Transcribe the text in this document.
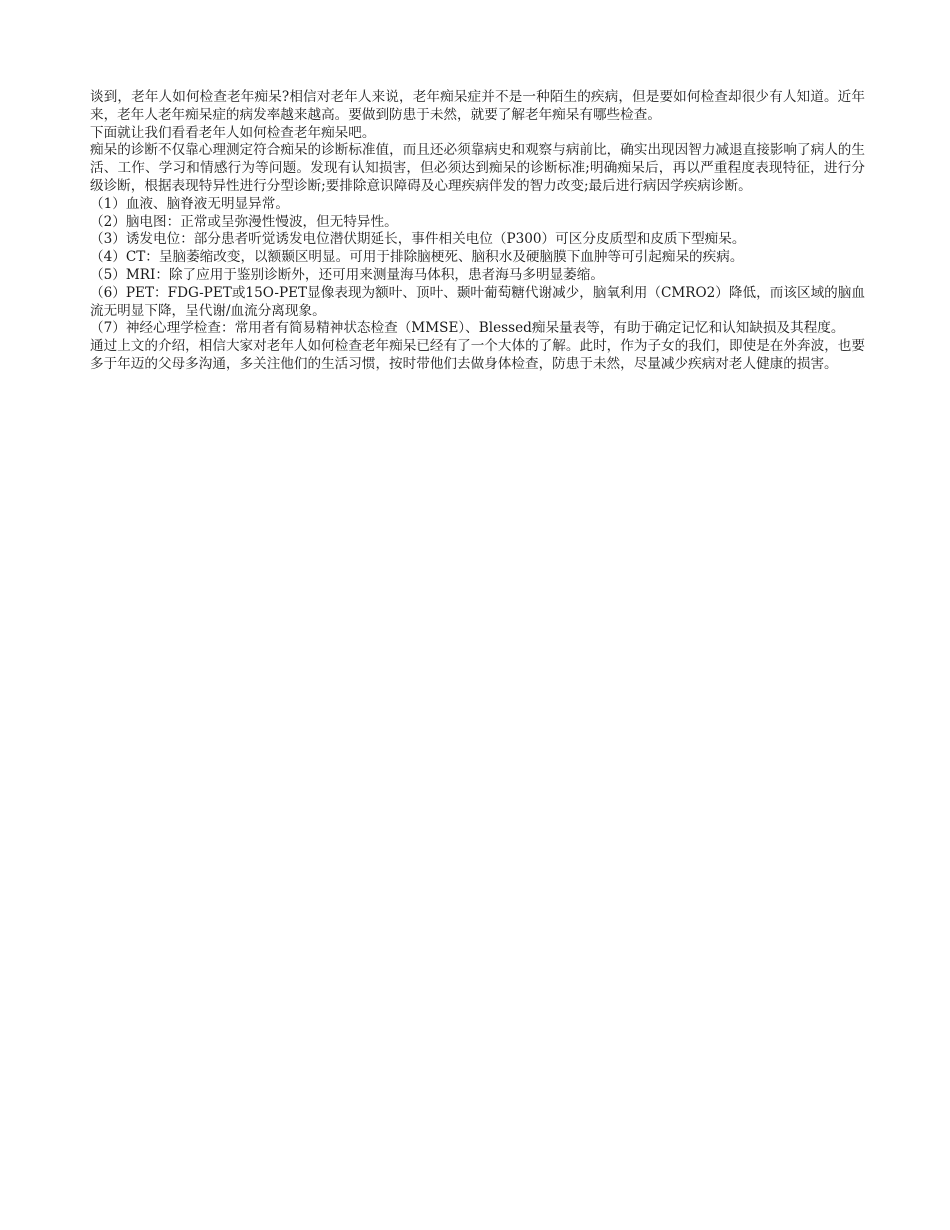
谈到，老年人如何检查老年痴呆?相信对老年人来说，老年痴呆症并不是一种陌生的疾病，但是要如何检查却很少有人知道。近年来，老年人老年痴呆症的病发率越来越高。要做到防患于未然，就要了解老年痴呆有哪些检查。

下面就让我们看看老年人如何检查老年痴呆吧。

痴呆的诊断不仅靠心理测定符合痴呆的诊断标准值，而且还必须靠病史和观察与病前比，确实出现因智力减退直接影响了病人的生活、工作、学习和情感行为等问题。发现有认知损害，但必须达到痴呆的诊断标准;明确痴呆后，再以严重程度表现特征，进行分级诊断，根据表现特异性进行分型诊断;要排除意识障碍及心理疾病伴发的智力改变;最后进行病因学疾病诊断。

（1）血液、脑脊液无明显异常。

（2）脑电图：正常或呈弥漫性慢波，但无特异性。

（3）诱发电位：部分患者听觉诱发电位潜伏期延长，事件相关电位（P300）可区分皮质型和皮质下型痴呆。

（4）CT：呈脑萎缩改变，以额颞区明显。可用于排除脑梗死、脑积水及硬脑膜下血肿等可引起痴呆的疾病。

（5）MRI：除了应用于鉴别诊断外，还可用来测量海马体积，患者海马多明显萎缩。

（6）PET：FDG-PET或15O-PET显像表现为额叶、顶叶、颞叶葡萄糖代谢减少，脑氧利用（CMRO2）降低，而该区域的脑血流无明显下降，呈代谢/血流分离现象。

（7）神经心理学检查：常用者有简易精神状态检查（MMSE）、Blessed痴呆量表等，有助于确定记忆和认知缺损及其程度。

通过上文的介绍，相信大家对老年人如何检查老年痴呆已经有了一个大体的了解。此时，作为子女的我们，即使是在外奔波，也要多于年迈的父母多沟通，多关注他们的生活习惯，按时带他们去做身体检查，防患于未然，尽量减少疾病对老人健康的损害。
